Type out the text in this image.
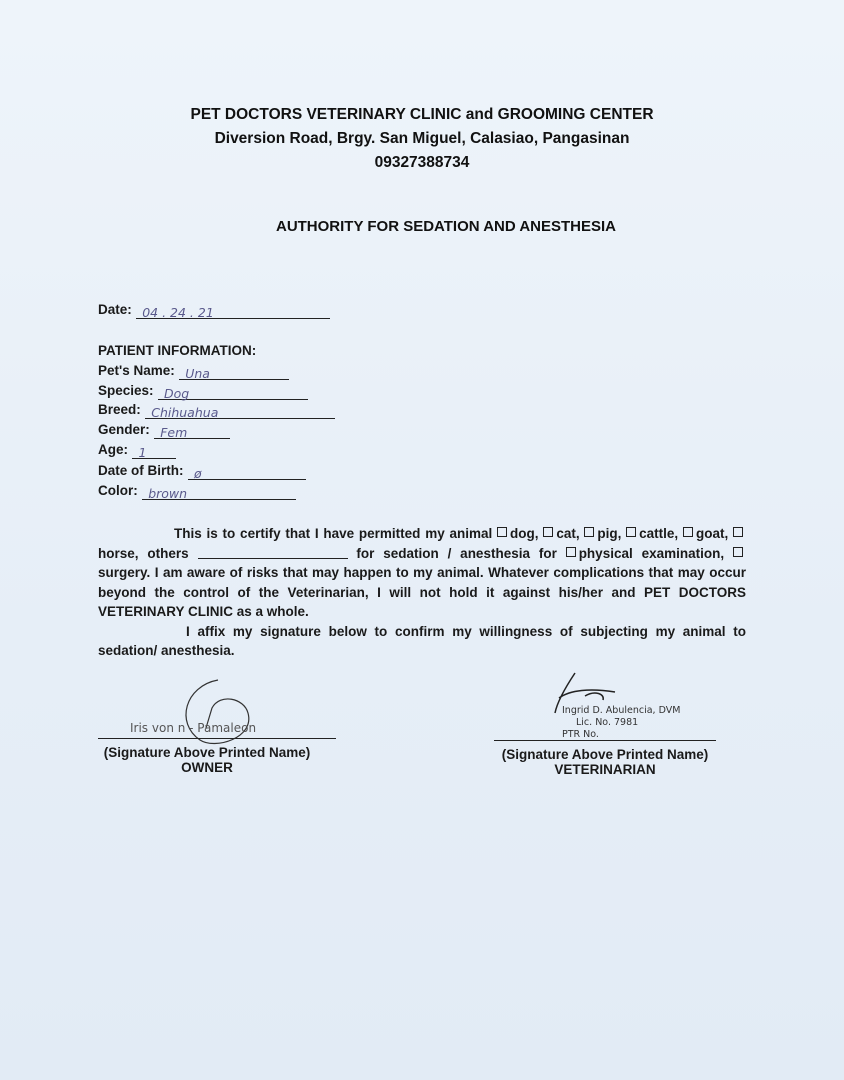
PET DOCTORS VETERINARY CLINIC and GROOMING CENTER
Diversion Road, Brgy. San Miguel, Calasiao, Pangasinan
09327388734
AUTHORITY FOR SEDATION AND ANESTHESIA
Date: 04 . 24 . 21
PATIENT INFORMATION:
Pet's Name: Una
Species: Dog
Breed: Chihuahua
Gender: Fem
Age: 1
Date of Birth: ø
Color: brown

This is to certify that I have permitted my animal dog, cat, pig, cattle, goat, horse, others	for sedation / anesthesia for physical examination, surgery. I am aware of risks that may happen to my animal. Whatever complications that may occur beyond the control of the Veterinarian, I will not hold it against his/her and PET DOCTORS VETERINARY CLINIC as a whole.

I affix my signature below to confirm my willingness of subjecting my animal to sedation/ anesthesia.

Iris von n - Pamaleon
(Signature Above Printed Name)
OWNER
Ingrid D. Abulencia, DVM
Lic. No. 7981
PTR No.
(Signature Above Printed Name)
VETERINARIAN
